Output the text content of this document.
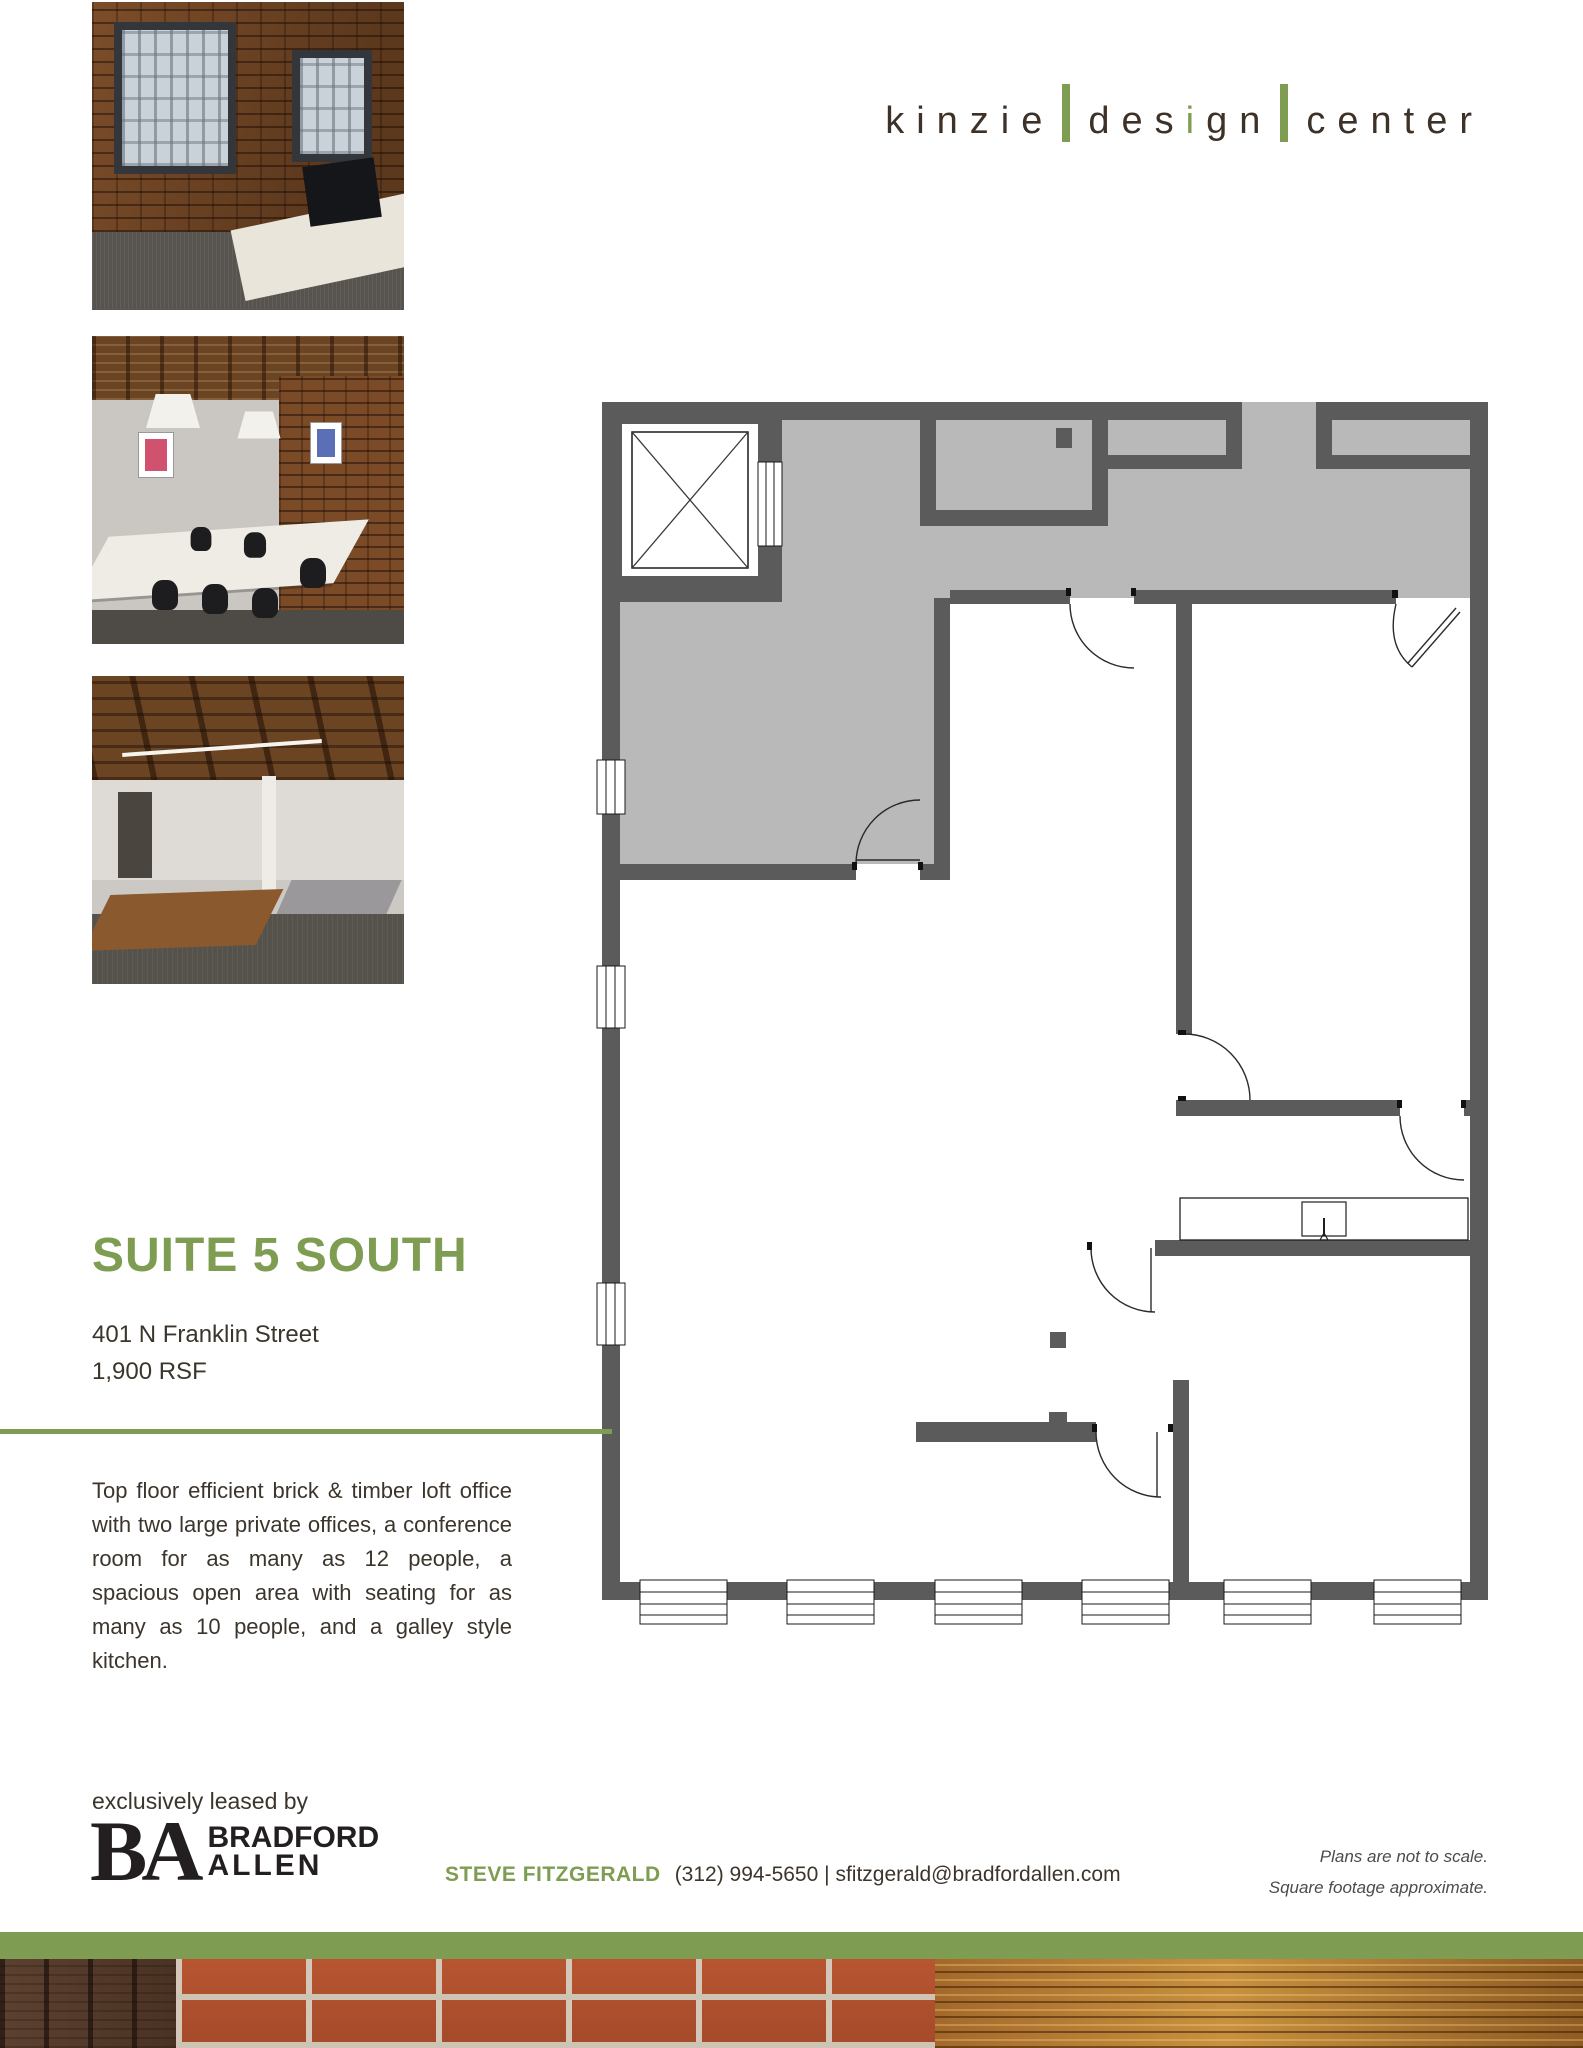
kinzie design center
SUITE 5 SOUTH
401 N Franklin Street
1,900 RSF
Top floor efficient brick & timber loft office with two large private offices, a conference room for as many as 12 people, a spacious open area with seating for as many as 10 people, and a galley style kitchen.
exclusively leased by
BA BRADFORD
ALLEN	STEVE FITZGERALD (312) 994-5650 | sfitzgerald@bradfordallen.com
Plans are not to scale.
Square footage approximate.
